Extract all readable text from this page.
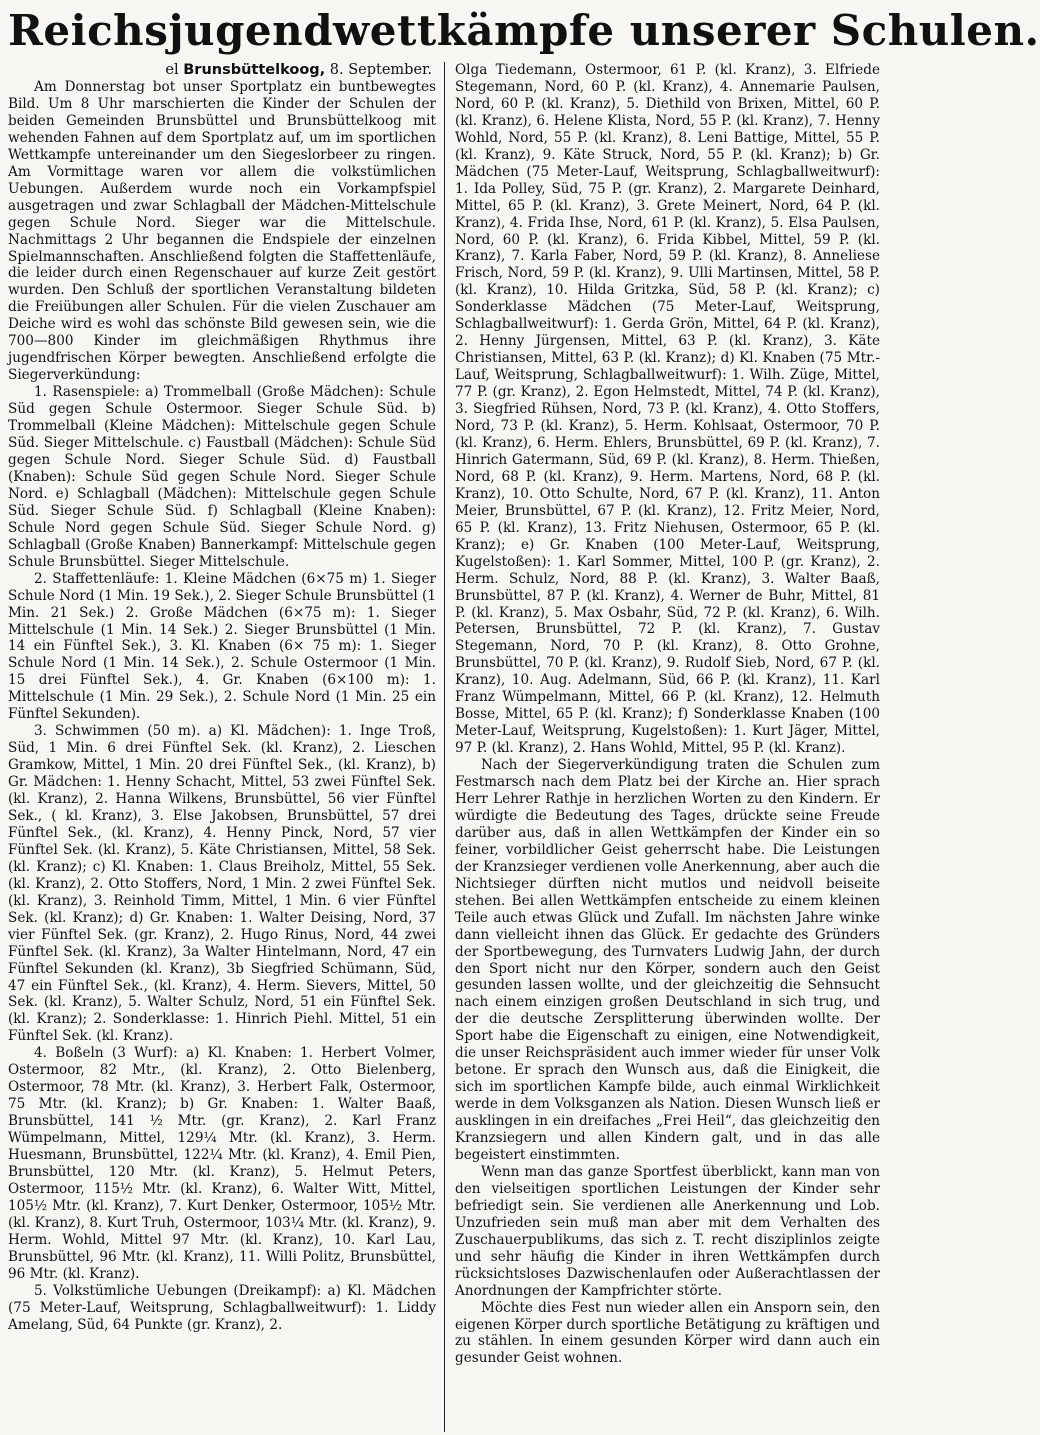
Reichsjugendwettkämpfe unserer Schulen.
el Brunsbüttelkoog, 8. September.

Am Donnerstag bot unser Sportplatz ein buntbewegtes Bild. Um 8 Uhr marschierten die Kinder der Schulen der beiden Gemeinden Brunsbüttel und Brunsbüttelkoog mit wehenden Fahnen auf dem Sportplatz auf, um im sportlichen Wettkampfe untereinander um den Siegeslorbeer zu ringen. Am Vormittage waren vor allem die volkstümlichen Uebungen. Außerdem wurde noch ein Vorkampfspiel ausgetragen und zwar Schlagball der Mädchen-Mittelschule gegen Schule Nord. Sieger war die Mittelschule. Nachmittags 2 Uhr begannen die Endspiele der einzelnen Spielmannschaften. Anschließend folgten die Staffettenläufe, die leider durch einen Regenschauer auf kurze Zeit gestört wurden. Den Schluß der sportlichen Veranstaltung bildeten die Freiübungen aller Schulen. Für die vielen Zuschauer am Deiche wird es wohl das schönste Bild gewesen sein, wie die 700—800 Kinder im gleichmäßigen Rhythmus ihre jugendfrischen Körper bewegten. Anschließend erfolgte die Siegerverkündung:

1. Rasenspiele: a) Trommelball (Große Mädchen): Schule Süd gegen Schule Ostermoor. Sieger Schule Süd. b) Trommelball (Kleine Mädchen): Mittelschule gegen Schule Süd. Sieger Mittelschule. c) Faustball (Mädchen): Schule Süd gegen Schule Nord. Sieger Schule Süd. d) Faustball (Knaben): Schule Süd gegen Schule Nord. Sieger Schule Nord. e) Schlagball (Mädchen): Mittelschule gegen Schule Süd. Sieger Schule Süd. f) Schlagball (Kleine Knaben): Schule Nord gegen Schule Süd. Sieger Schule Nord. g) Schlagball (Große Knaben) Bannerkampf: Mittelschule gegen Schule Brunsbüttel. Sieger Mittelschule.

2. Staffettenläufe: 1. Kleine Mädchen (6×75 m) 1. Sieger Schule Nord (1 Min. 19 Sek.), 2. Sieger Schule Brunsbüttel (1 Min. 21 Sek.) 2. Große Mädchen (6×75 m): 1. Sieger Mittelschule (1 Min. 14 Sek.) 2. Sieger Brunsbüttel (1 Min. 14 ein Fünftel Sek.), 3. Kl. Knaben (6× 75 m): 1. Sieger Schule Nord (1 Min. 14 Sek.), 2. Schule Ostermoor (1 Min. 15 drei Fünftel Sek.), 4. Gr. Knaben (6×100 m): 1. Mittelschule (1 Min. 29 Sek.), 2. Schule Nord (1 Min. 25 ein Fünftel Sekunden).

3. Schwimmen (50 m). a) Kl. Mädchen): 1. Inge Troß, Süd, 1 Min. 6 drei Fünftel Sek. (kl. Kranz), 2. Lieschen Gramkow, Mittel, 1 Min. 20 drei Fünftel Sek., (kl. Kranz), b) Gr. Mädchen: 1. Henny Schacht, Mittel, 53 zwei Fünftel Sek. (kl. Kranz), 2. Hanna Wilkens, Brunsbüttel, 56 vier Fünftel Sek., ( kl. Kranz), 3. Else Jakobsen, Brunsbüttel, 57 drei Fünftel Sek., (kl. Kranz), 4. Henny Pinck, Nord, 57 vier Fünftel Sek. (kl. Kranz), 5. Käte Christiansen, Mittel, 58 Sek. (kl. Kranz); c) Kl. Knaben: 1. Claus Breiholz, Mittel, 55 Sek. (kl. Kranz), 2. Otto Stoffers, Nord, 1 Min. 2 zwei Fünftel Sek. (kl. Kranz), 3. Reinhold Timm, Mittel, 1 Min. 6 vier Fünftel Sek. (kl. Kranz); d) Gr. Knaben: 1. Walter Deising, Nord, 37 vier Fünftel Sek. (gr. Kranz), 2. Hugo Rinus, Nord, 44 zwei Fünftel Sek. (kl. Kranz), 3a Walter Hintelmann, Nord, 47 ein Fünftel Sekunden (kl. Kranz), 3b Siegfried Schümann, Süd, 47 ein Fünftel Sek., (kl. Kranz), 4. Herm. Sievers, Mittel, 50 Sek. (kl. Kranz), 5. Walter Schulz, Nord, 51 ein Fünftel Sek. (kl. Kranz); 2. Sonderklasse: 1. Hinrich Piehl. Mittel, 51 ein Fünftel Sek. (kl. Kranz).

4. Boßeln (3 Wurf): a) Kl. Knaben: 1. Herbert Volmer, Ostermoor, 82 Mtr., (kl. Kranz), 2. Otto Bielenberg, Ostermoor, 78 Mtr. (kl. Kranz), 3. Herbert Falk, Ostermoor, 75 Mtr. (kl. Kranz); b) Gr. Knaben: 1. Walter Baaß, Brunsbüttel, 141 ½ Mtr. (gr. Kranz), 2. Karl Franz Wümpelmann, Mittel, 129¼ Mtr. (kl. Kranz), 3. Herm. Huesmann, Brunsbüttel, 122¼ Mtr. (kl. Kranz), 4. Emil Pien, Brunsbüttel, 120 Mtr. (kl. Kranz), 5. Helmut Peters, Ostermoor, 115½ Mtr. (kl. Kranz), 6. Walter Witt, Mittel, 105½ Mtr. (kl. Kranz), 7. Kurt Denker, Ostermoor, 105½ Mtr. (kl. Kranz), 8. Kurt Truh, Ostermoor, 103¼ Mtr. (kl. Kranz), 9. Herm. Wohld, Mittel 97 Mtr. (kl. Kranz), 10. Karl Lau, Brunsbüttel, 96 Mtr. (kl. Kranz), 11. Willi Politz, Brunsbüttel, 96 Mtr. (kl. Kranz).

5. Volkstümliche Uebungen (Dreikampf): a) Kl. Mädchen (75 Meter-Lauf, Weitsprung, Schlagballweitwurf): 1. Liddy Amelang, Süd, 64 Punkte (gr. Kranz), 2.

Olga Tiedemann, Ostermoor, 61 P. (kl. Kranz), 3. Elfriede Stegemann, Nord, 60 P. (kl. Kranz), 4. Annemarie Paulsen, Nord, 60 P. (kl. Kranz), 5. Diethild von Brixen, Mittel, 60 P. (kl. Kranz), 6. Helene Klista, Nord, 55 P. (kl. Kranz), 7. Henny Wohld, Nord, 55 P. (kl. Kranz), 8. Leni Battige, Mittel, 55 P. (kl. Kranz), 9. Käte Struck, Nord, 55 P. (kl. Kranz); b) Gr. Mädchen (75 Meter-Lauf, Weitsprung, Schlagballweitwurf): 1. Ida Polley, Süd, 75 P. (gr. Kranz), 2. Margarete Deinhard, Mittel, 65 P. (kl. Kranz), 3. Grete Meinert, Nord, 64 P. (kl. Kranz), 4. Frida Ihse, Nord, 61 P. (kl. Kranz), 5. Elsa Paulsen, Nord, 60 P. (kl. Kranz), 6. Frida Kibbel, Mittel, 59 P. (kl. Kranz), 7. Karla Faber, Nord, 59 P. (kl. Kranz), 8. Anneliese Frisch, Nord, 59 P. (kl. Kranz), 9. Ulli Martinsen, Mittel, 58 P. (kl. Kranz), 10. Hilda Gritzka, Süd, 58 P. (kl. Kranz); c) Sonderklasse Mädchen (75 Meter-Lauf, Weitsprung, Schlagballweitwurf): 1. Gerda Grön, Mittel, 64 P. (kl. Kranz), 2. Henny Jürgensen, Mittel, 63 P. (kl. Kranz), 3. Käte Christiansen, Mittel, 63 P. (kl. Kranz); d) Kl. Knaben (75 Mtr.-Lauf, Weitsprung, Schlagballweitwurf): 1. Wilh. Züge, Mittel, 77 P. (gr. Kranz), 2. Egon Helmstedt, Mittel, 74 P. (kl. Kranz), 3. Siegfried Rühsen, Nord, 73 P. (kl. Kranz), 4. Otto Stoffers, Nord, 73 P. (kl. Kranz), 5. Herm. Kohlsaat, Ostermoor, 70 P. (kl. Kranz), 6. Herm. Ehlers, Brunsbüttel, 69 P. (kl. Kranz), 7. Hinrich Gatermann, Süd, 69 P. (kl. Kranz), 8. Herm. Thießen, Nord, 68 P. (kl. Kranz), 9. Herm. Martens, Nord, 68 P. (kl. Kranz), 10. Otto Schulte, Nord, 67 P. (kl. Kranz), 11. Anton Meier, Brunsbüttel, 67 P. (kl. Kranz), 12. Fritz Meier, Nord, 65 P. (kl. Kranz), 13. Fritz Niehusen, Ostermoor, 65 P. (kl. Kranz); e) Gr. Knaben (100 Meter-Lauf, Weitsprung, Kugelstoßen): 1. Karl Sommer, Mittel, 100 P. (gr. Kranz), 2. Herm. Schulz, Nord, 88 P. (kl. Kranz), 3. Walter Baaß, Brunsbüttel, 87 P. (kl. Kranz), 4. Werner de Buhr, Mittel, 81 P. (kl. Kranz), 5. Max Osbahr, Süd, 72 P. (kl. Kranz), 6. Wilh. Petersen, Brunsbüttel, 72 P. (kl. Kranz), 7. Gustav Stegemann, Nord, 70 P. (kl. Kranz), 8. Otto Grohne, Brunsbüttel, 70 P. (kl. Kranz), 9. Rudolf Sieb, Nord, 67 P. (kl. Kranz), 10. Aug. Adelmann, Süd, 66 P. (kl. Kranz), 11. Karl Franz Wümpelmann, Mittel, 66 P. (kl. Kranz), 12. Helmuth Bosse, Mittel, 65 P. (kl. Kranz); f) Sonderklasse Knaben (100 Meter-Lauf, Weitsprung, Kugelstoßen): 1. Kurt Jäger, Mittel, 97 P. (kl. Kranz), 2. Hans Wohld, Mittel, 95 P. (kl. Kranz).

Nach der Siegerverkündigung traten die Schulen zum Festmarsch nach dem Platz bei der Kirche an. Hier sprach Herr Lehrer Rathje in herzlichen Worten zu den Kindern. Er würdigte die Bedeutung des Tages, drückte seine Freude darüber aus, daß in allen Wettkämpfen der Kinder ein so feiner, vorbildlicher Geist geherrscht habe. Die Leistungen der Kranzsieger verdienen volle Anerkennung, aber auch die Nichtsieger dürften nicht mutlos und neidvoll beiseite stehen. Bei allen Wettkämpfen entscheide zu einem kleinen Teile auch etwas Glück und Zufall. Im nächsten Jahre winke dann vielleicht ihnen das Glück. Er gedachte des Gründers der Sportbewegung, des Turnvaters Ludwig Jahn, der durch den Sport nicht nur den Körper, sondern auch den Geist gesunden lassen wollte, und der gleichzeitig die Sehnsucht nach einem einzigen großen Deutschland in sich trug, und der die deutsche Zersplitterung überwinden wollte. Der Sport habe die Eigenschaft zu einigen, eine Notwendigkeit, die unser Reichspräsident auch immer wieder für unser Volk betone. Er sprach den Wunsch aus, daß die Einigkeit, die sich im sportlichen Kampfe bilde, auch einmal Wirklichkeit werde in dem Volksganzen als Nation. Diesen Wunsch ließ er ausklingen in ein dreifaches „Frei Heil“, das gleichzeitig den Kranzsiegern und allen Kindern galt, und in das alle begeistert einstimmten.

Wenn man das ganze Sportfest überblickt, kann man von den vielseitigen sportlichen Leistungen der Kinder sehr befriedigt sein. Sie verdienen alle Anerkennung und Lob. Unzufrieden sein muß man aber mit dem Verhalten des Zuschauerpublikums, das sich z. T. recht disziplinlos zeigte und sehr häufig die Kinder in ihren Wettkämpfen durch rücksichtsloses Dazwischenlaufen oder Außerachtlassen der Anordnungen der Kampfrichter störte.

Möchte dies Fest nun wieder allen ein Ansporn sein, den eigenen Körper durch sportliche Betätigung zu kräftigen und zu stählen. In einem gesunden Körper wird dann auch ein gesunder Geist wohnen.
